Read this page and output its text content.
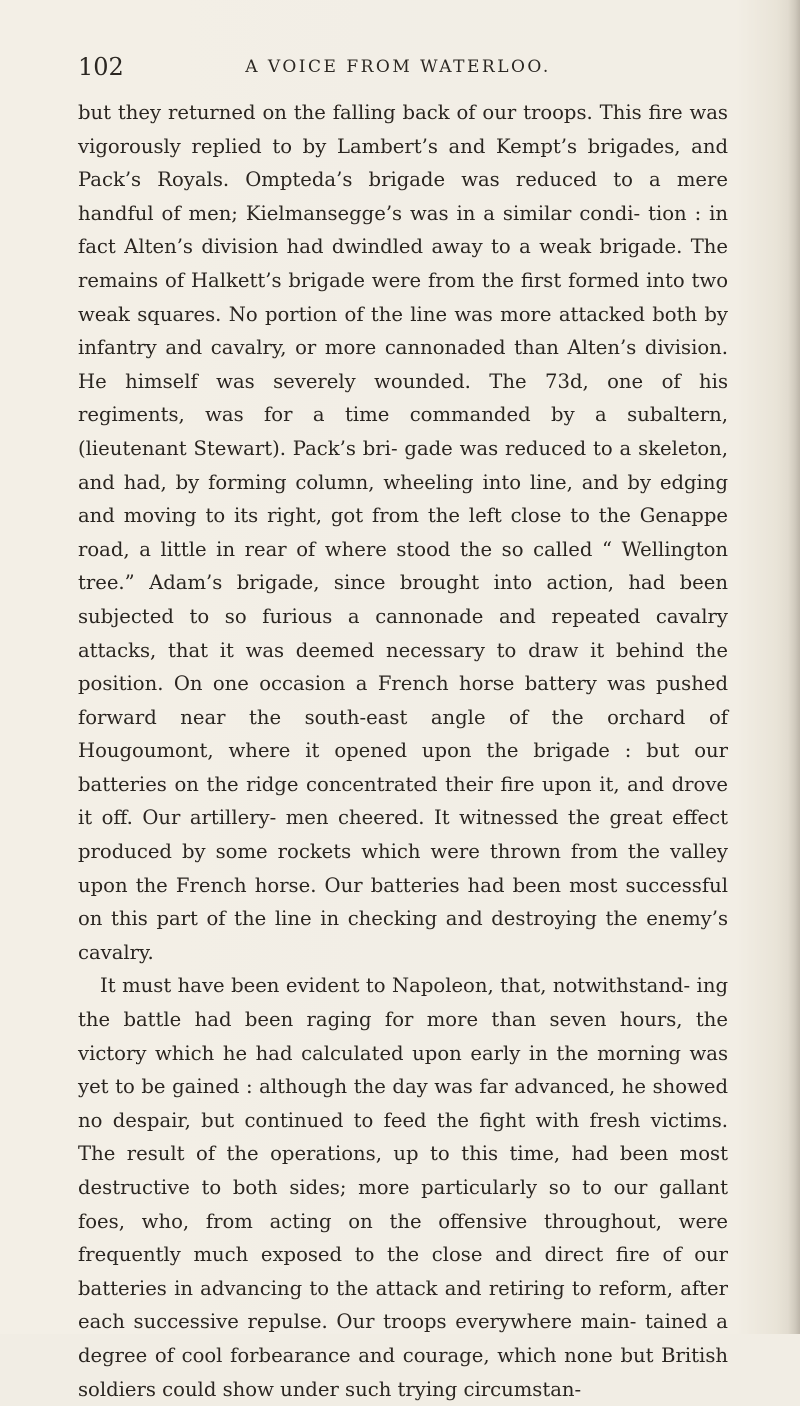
102	A VOICE FROM WATERLOO.

but they returned on the falling back of our troops. This fire was vigorously replied to by Lambert’s and Kempt’s brigades, and Pack’s Royals. Ompteda’s brigade was reduced to a mere handful of men; Kielmansegge’s was in a similar condi- tion : in fact Alten’s division had dwindled away to a weak brigade. The remains of Halkett’s brigade were from the first formed into two weak squares. No portion of the line was more attacked both by infantry and cavalry, or more cannonaded than Alten’s division. He himself was severely wounded. The 73d, one of his regiments, was for a time commanded by a subaltern, (lieutenant Stewart). Pack’s bri- gade was reduced to a skeleton, and had, by forming column, wheeling into line, and by edging and moving to its right, got from the left close to the Genappe road, a little in rear of where stood the so called “ Wellington tree.” Adam’s brigade, since brought into action, had been subjected to so furious a cannonade and repeated cavalry attacks, that it was deemed necessary to draw it behind the position. On one occasion a French horse battery was pushed forward near the south-east angle of the orchard of Hougoumont, where it opened upon the brigade : but our batteries on the ridge concentrated their fire upon it, and drove it off. Our artillery- men cheered. It witnessed the great effect produced by some rockets which were thrown from the valley upon the French horse. Our batteries had been most successful on this part of the line in checking and destroying the enemy’s cavalry.

It must have been evident to Napoleon, that, notwithstand- ing the battle had been raging for more than seven hours, the victory which he had calculated upon early in the morning was yet to be gained : although the day was far advanced, he showed no despair, but continued to feed the fight with fresh victims. The result of the operations, up to this time, had been most destructive to both sides; more particularly so to our gallant foes, who, from acting on the offensive throughout, were frequently much exposed to the close and direct fire of our batteries in advancing to the attack and retiring to reform, after each successive repulse. Our troops everywhere main- tained a degree of cool forbearance and courage, which none but British soldiers could show under such trying circumstan-
